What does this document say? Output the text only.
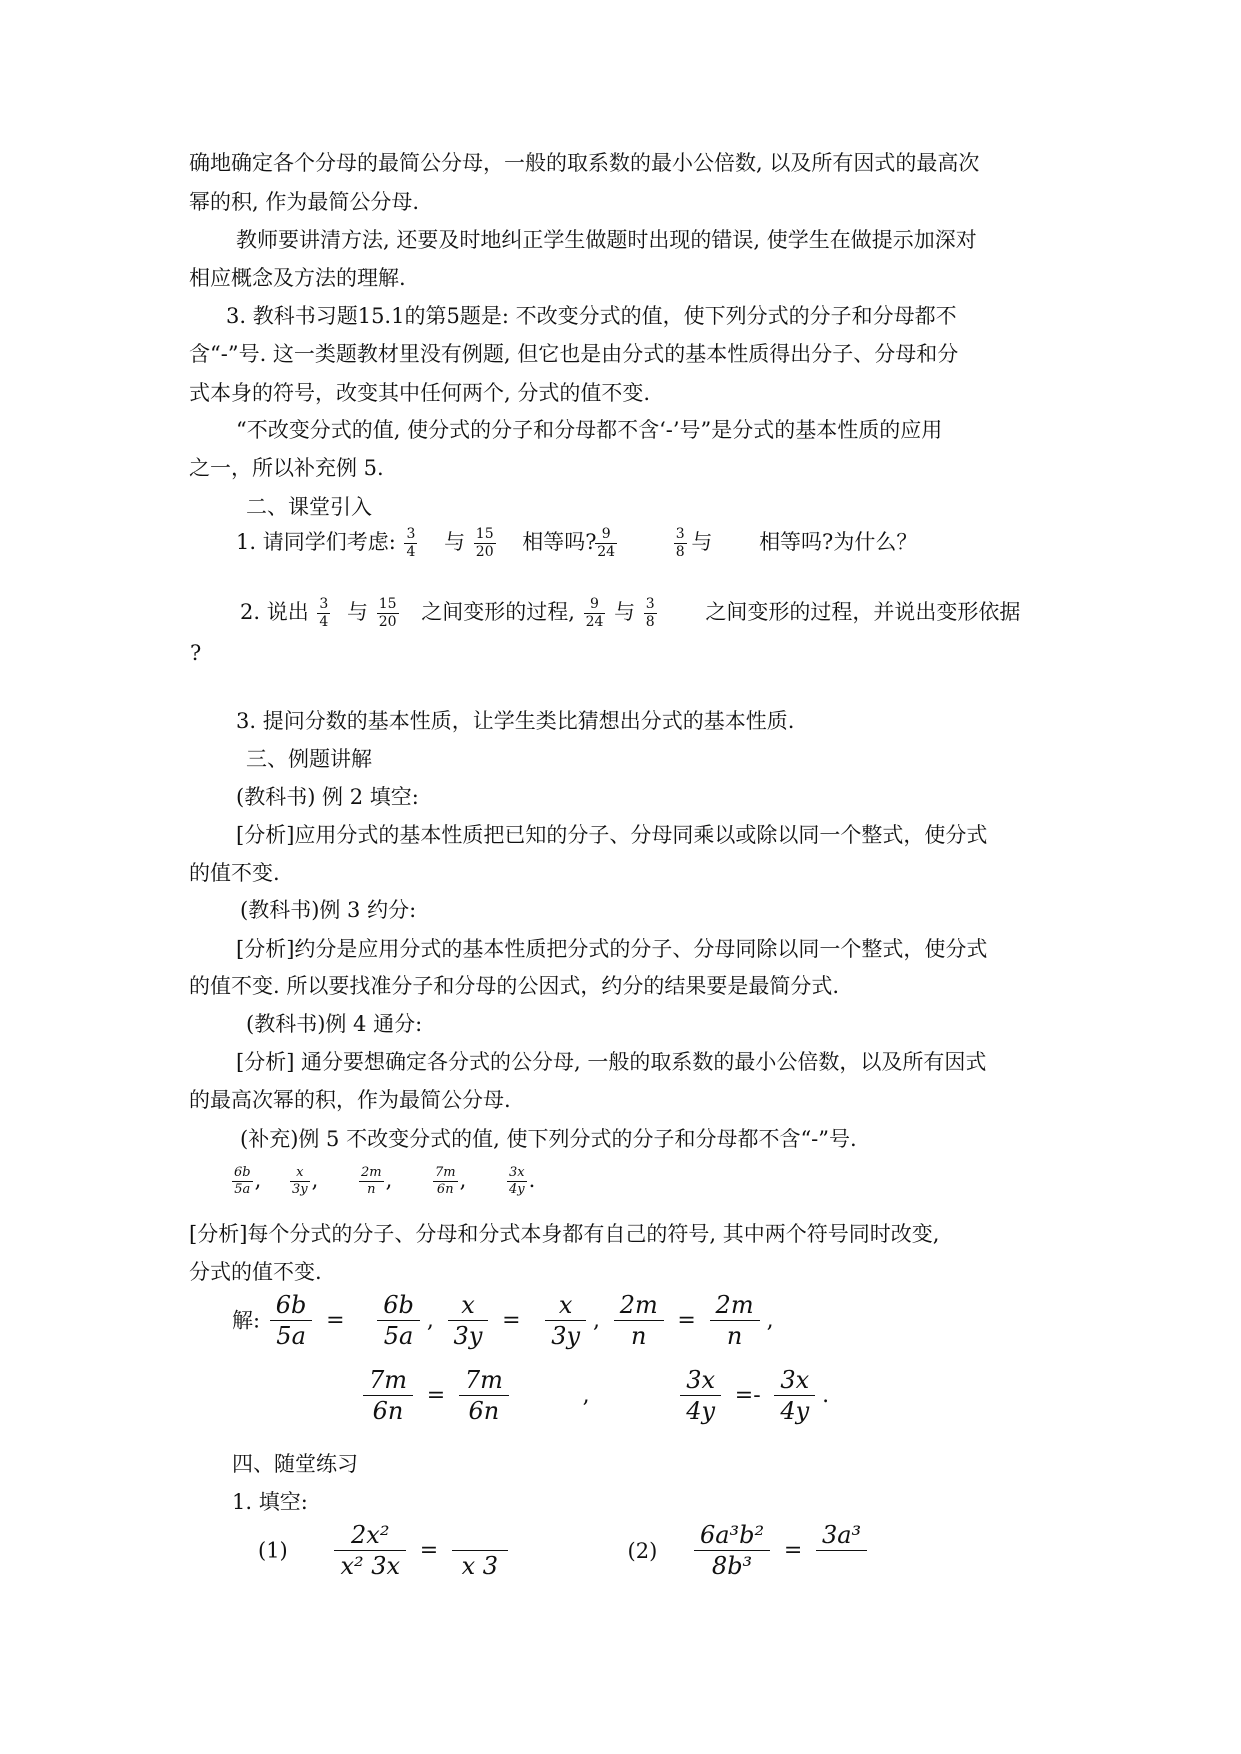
确地确定各个分母的最简公分母，一般的取系数的最小公倍数, 以及所有因式的最高次
幂的积, 作为最简公分母.
教师要讲清方法, 还要及时地纠正学生做题时出现的错误, 使学生在做提示加深对
相应概念及方法的理解.
3. 教科书习题15.1的第5题是: 不改变分式的值，使下列分式的分子和分母都不
含“-”号. 这一类题教材里没有例题, 但它也是由分式的基本性质得出分子、分母和分
式本身的符号，改变其中任何两个, 分式的值不变.
“不改变分式的值, 使分式的分子和分母都不含‘-’号”是分式的基本性质的应用
之一，所以补充例 5.
二、课堂引入
1. 请同学们考虑: $\frac{3}{4}$ 与 $\frac{15}{20}$ 相等吗?
$\frac{9}{24}$
	$\frac{3}{8}$ 与 相等吗?为什么？
2. 说出 $\frac{3}{4}$ 与 $\frac{15}{20}$ 之间变形的过程, $\frac{9}{24}$ 与 $\frac{3}{8}$ 之间变形的过程，并说出变形依据
?
3. 提问分数的基本性质，让学生类比猜想出分式的基本性质.
三、例题讲解
(教科书) 例 2 填空:
[分析]应用分式的基本性质把已知的分子、分母同乘以或除以同一个整式，使分式
的值不变.
(教科书)例 3 约分:
[分析]约分是应用分式的基本性质把分式的分子、分母同除以同一个整式，使分式
的值不变. 所以要找准分子和分母的公因式，约分的结果要是最简分式.
(教科书)例 4 通分:
[分析] 通分要想确定各分式的公分母, 一般的取系数的最小公倍数，以及所有因式
的最高次幂的积，作为最简公分母.
(补充)例 5 不改变分式的值, 使下列分式的分子和分母都不含“-”号.
$\frac{6b}{5a}$ , $\frac{x}{3y}$ ,	$\frac{2m}{n}$ ,	$\frac{7m}{6n}$ ,	$\frac{3x}{4y}$ .
[分析]每个分式的分子、分母和分式本身都有自己的符号, 其中两个符号同时改变,
分式的值不变.
解: $\frac{6b}{5a} = \frac{6b}{5a}$ , $\frac{x}{3y} = \frac{x}{3y}$ , $\frac{2m}{n} = \frac{2m}{n}$ ,
$\frac{7m}{6n} = \frac{7m}{6n}$	,	$\frac{3x}{4y} =- \frac{3x}{4y}$ .
四、随堂练习
1. 填空:
$(1) \frac{\text{2x²}}{\text{x² 3x}}$ =
x 3
$(2) \frac{\text{6a³b²}}{\text{8b³}}$ =
3a³
